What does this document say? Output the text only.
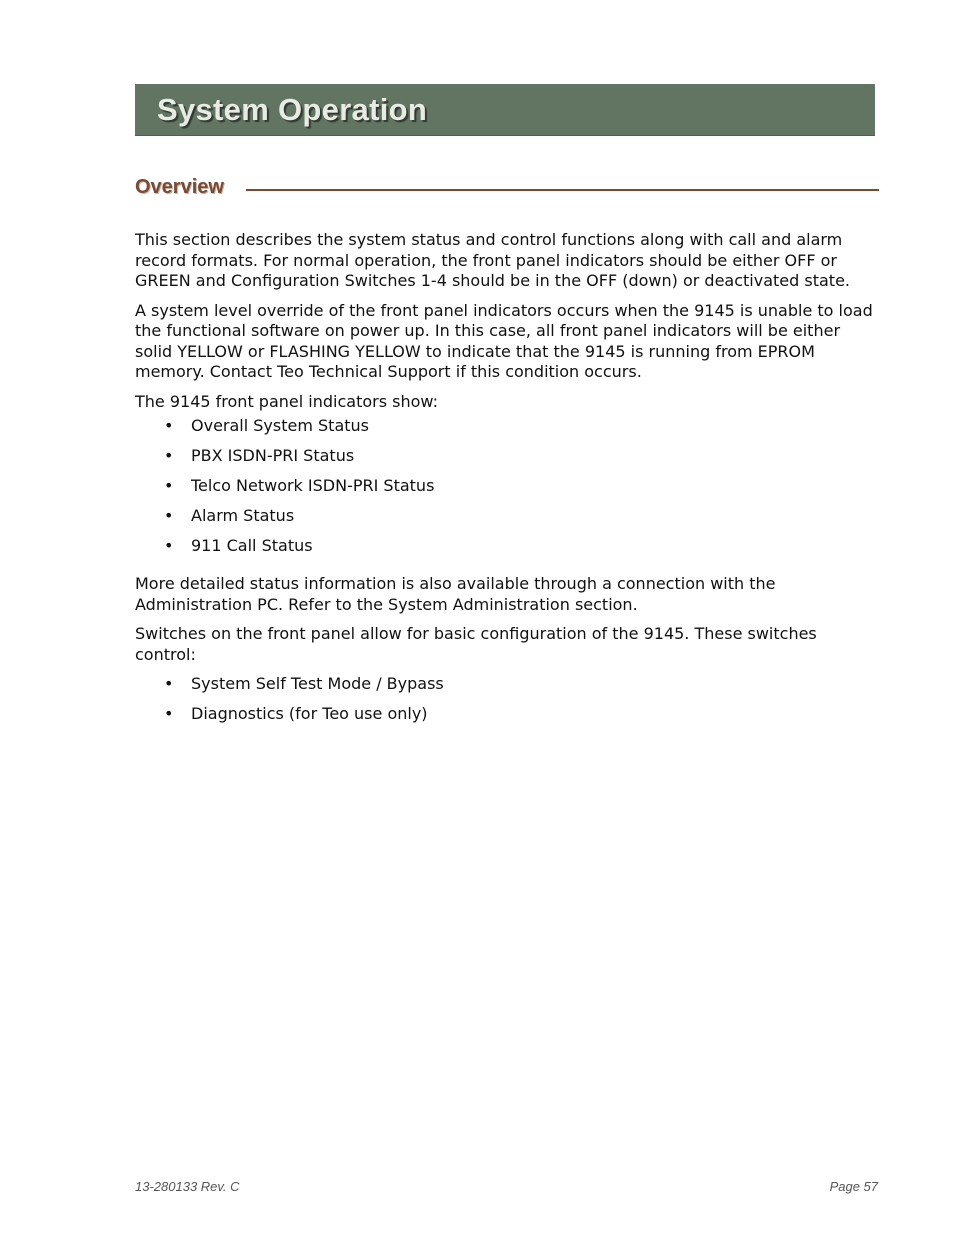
System Operation
Overview

This section describes the system status and control functions along with call and alarm record formats. For normal operation, the front panel indicators should be either OFF or GREEN and Configuration Switches 1-4 should be in the OFF (down) or deactivated state.

A system level override of the front panel indicators occurs when the 9145 is unable to load the functional software on power up. In this case, all front panel indicators will be either solid YELLOW or FLASHING YELLOW to indicate that the 9145 is running from EPROM memory. Contact Teo Technical Support if this condition occurs.

The 9145 front panel indicators show:

• Overall System Status
• PBX ISDN-PRI Status
• Telco Network ISDN-PRI Status
• Alarm Status
• 911 Call Status

More detailed status information is also available through a connection with the Administration PC. Refer to the System Administration section.

Switches on the front panel allow for basic configuration of the 9145. These switches control:

• System Self Test Mode / Bypass
• Diagnostics (for Teo use only)
13-280133 Rev. C	Page 57
